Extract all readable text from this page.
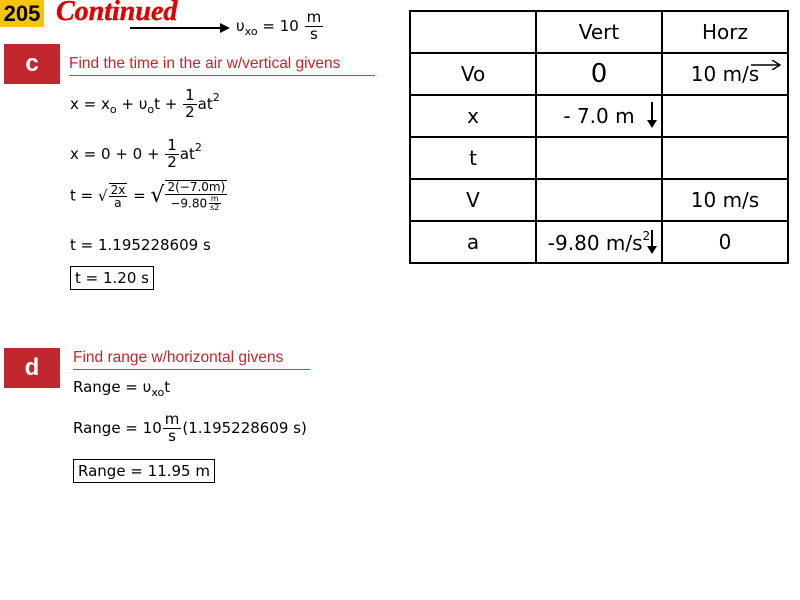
205 Continued	$\upsilon_{xo} = 10 \frac{m}{s}$
c	Find the time in the air w/vertical givens
$x = x_o + \upsilon_ot + \frac{1}{2} at^2$
$x = 0 + 0 + \frac{1}{2} at^2$
t = √ $\frac{2x}{a}$ = √ $\frac{2(-7.0m)}{-9.80 \frac{m}{s2}}$
t = 1.195228609 s
t = 1.20 s
d	Find range w/horizontal givens
Range = $\upsilon_{xo}t$
Range = $10 \frac{m}{s} (1.195228609$ s)
Range = 11.95 m
	Vert	Horz
Vo	0	10 m/s

x	- 7.0 m

t		
V		10 m/s
a	-9.80 $m/s^2$	0
